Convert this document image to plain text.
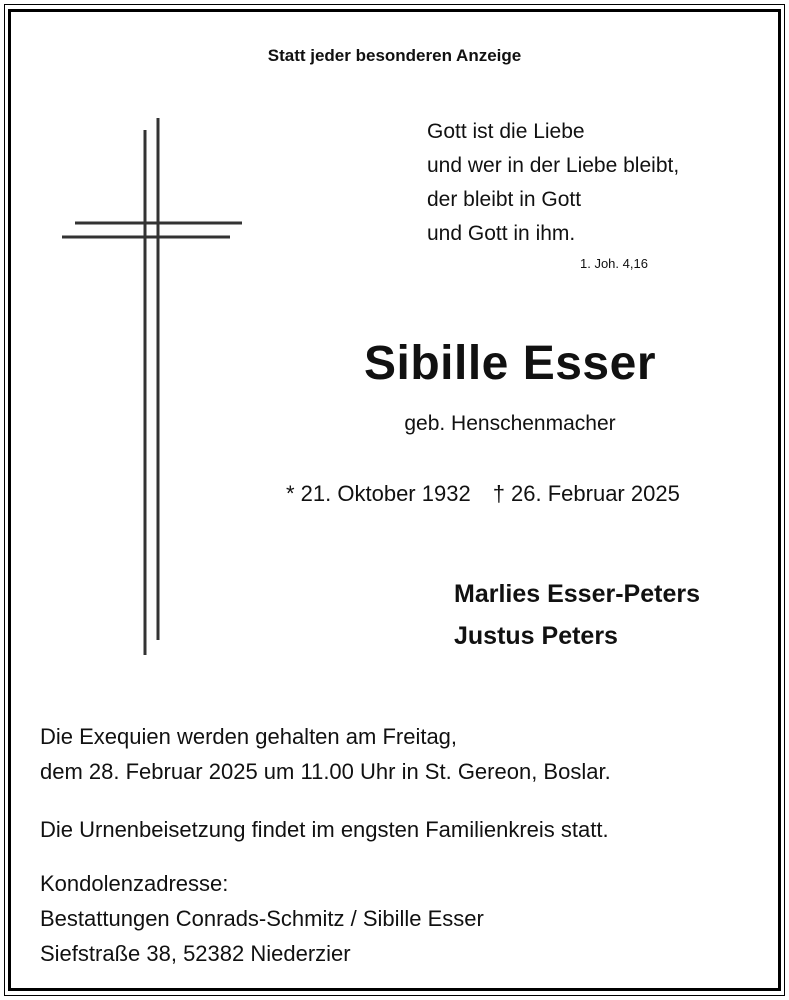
Statt jeder besonderen Anzeige
Gott ist die Liebe
und wer in der Liebe bleibt,
der bleibt in Gott
und Gott in ihm.
1. Joh. 4,16
Sibille Esser
geb. Henschenmacher
* 21. Oktober 1932 † 26. Februar 2025
Marlies Esser-Peters
Justus Peters
Die Exequien werden gehalten am Freitag,
dem 28. Februar 2025 um 11.00 Uhr in St. Gereon, Boslar.
Die Urnenbeisetzung findet im engsten Familienkreis statt.
Kondolenzadresse:
Bestattungen Conrads-Schmitz / Sibille Esser
Siefstraße 38, 52382 Niederzier
